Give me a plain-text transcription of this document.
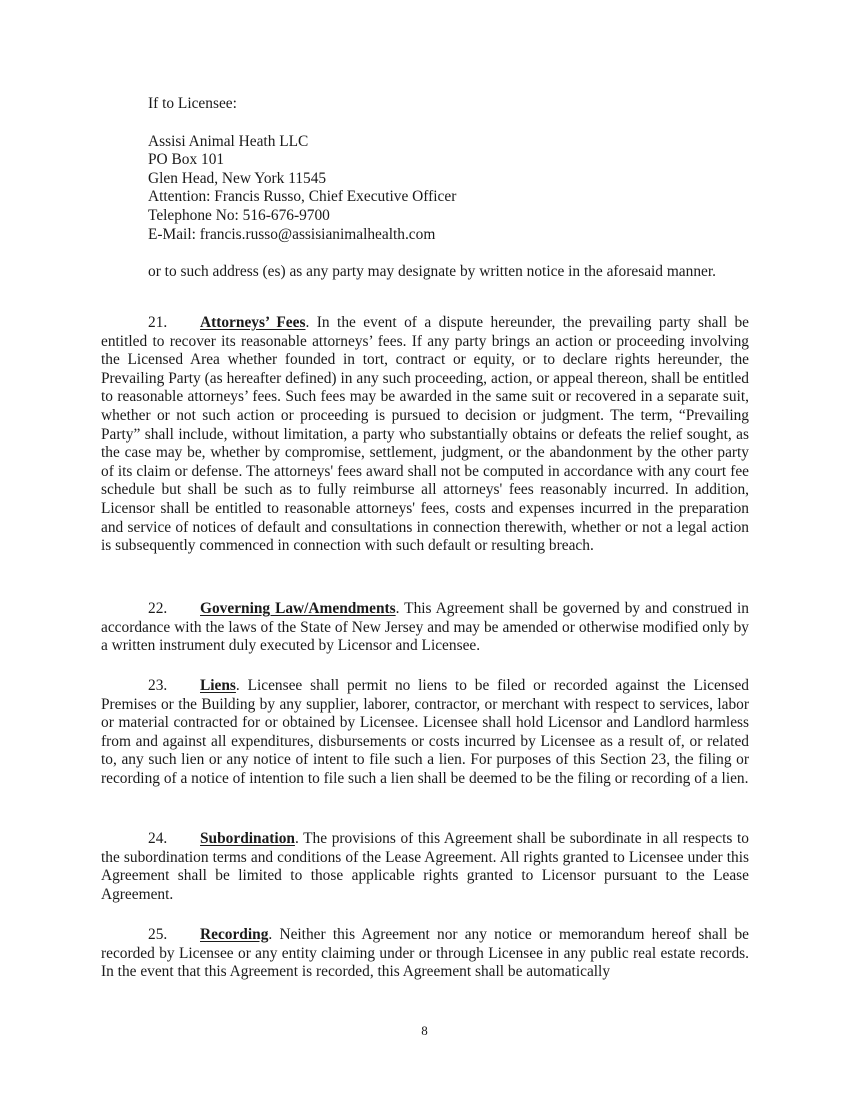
If to Licensee:
Assisi Animal Heath LLC
PO Box 101
Glen Head, New York 11545
Attention: Francis Russo, Chief Executive Officer
Telephone No: 516-676-9700
E-Mail: francis.russo@assisianimalhealth.com
or to such address (es) as any party may designate by written notice in the aforesaid manner.

21. Attorneys’ Fees. In the event of a dispute hereunder, the prevailing party shall be entitled to recover its reasonable attorneys’ fees. If any party brings an action or proceeding involving the Licensed Area whether founded in tort, contract or equity, or to declare rights hereunder, the Prevailing Party (as hereafter defined) in any such proceeding, action, or appeal thereon, shall be entitled to reasonable attorneys’ fees. Such fees may be awarded in the same suit or recovered in a separate suit, whether or not such action or proceeding is pursued to decision or judgment. The term, “Prevailing Party” shall include, without limitation, a party who substantially obtains or defeats the relief sought, as the case may be, whether by compromise, settlement, judgment, or the abandonment by the other party of its claim or defense. The attorneys' fees award shall not be computed in accordance with any court fee schedule but shall be such as to fully reimburse all attorneys' fees reasonably incurred. In addition, Licensor shall be entitled to reasonable attorneys' fees, costs and expenses incurred in the preparation and service of notices of default and consultations in connection therewith, whether or not a legal action is subsequently commenced in connection with such default or resulting breach.

22. Governing Law/Amendments. This Agreement shall be governed by and construed in accordance with the laws of the State of New Jersey and may be amended or otherwise modified only by a written instrument duly executed by Licensor and Licensee.

23. Liens. Licensee shall permit no liens to be filed or recorded against the Licensed Premises or the Building by any supplier, laborer, contractor, or merchant with respect to services, labor or material contracted for or obtained by Licensee. Licensee shall hold Licensor and Landlord harmless from and against all expenditures, disbursements or costs incurred by Licensee as a result of, or related to, any such lien or any notice of intent to file such a lien. For purposes of this Section 23, the filing or recording of a notice of intention to file such a lien shall be deemed to be the filing or recording of a lien.

24. Subordination. The provisions of this Agreement shall be subordinate in all respects to the subordination terms and conditions of the Lease Agreement. All rights granted to Licensee under this Agreement shall be limited to those applicable rights granted to Licensor pursuant to the Lease Agreement.

25. Recording. Neither this Agreement nor any notice or memorandum hereof shall be recorded by Licensee or any entity claiming under or through Licensee in any public real estate records. In the event that this Agreement is recorded, this Agreement shall be automatically

8
